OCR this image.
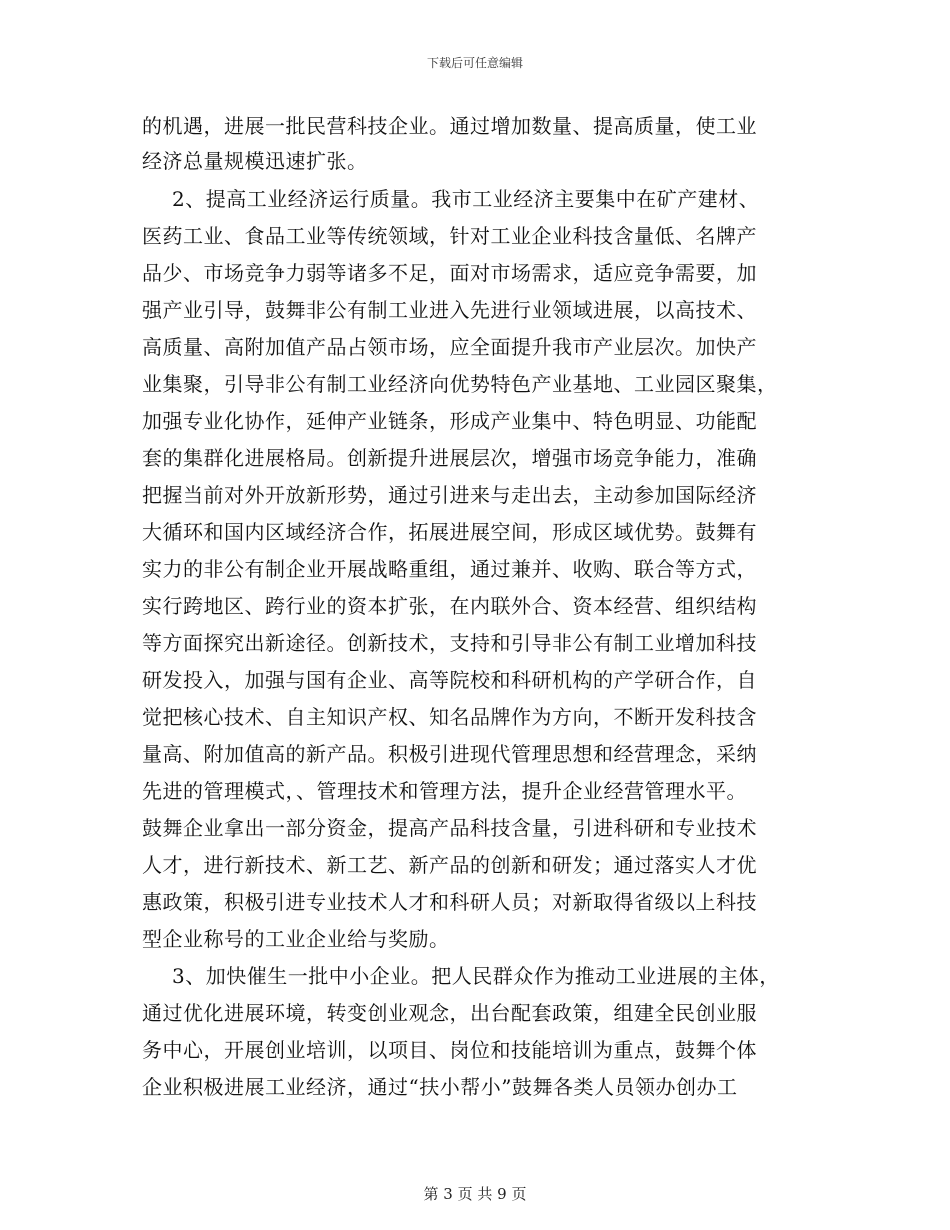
下载后可任意编辑
的机遇，进展一批民营科技企业。通过增加数量、提高质量，使工业
经济总量规模迅速扩张。
2、提高工业经济运行质量。我市工业经济主要集中在矿产建材、
医药工业、食品工业等传统领域，针对工业企业科技含量低、名牌产
品少、市场竞争力弱等诸多不足，面对市场需求，适应竞争需要，加
强产业引导，鼓舞非公有制工业进入先进行业领域进展，以高技术、
高质量、高附加值产品占领市场，应全面提升我市产业层次。加快产
业集聚，引导非公有制工业经济向优势特色产业基地、工业园区聚集，
加强专业化协作，延伸产业链条，形成产业集中、特色明显、功能配
套的集群化进展格局。创新提升进展层次，增强市场竞争能力，准确
把握当前对外开放新形势，通过引进来与走出去，主动参加国际经济
大循环和国内区域经济合作，拓展进展空间，形成区域优势。鼓舞有
实力的非公有制企业开展战略重组，通过兼并、收购、联合等方式，
实行跨地区、跨行业的资本扩张，在内联外合、资本经营、组织结构
等方面探究出新途径。创新技术，支持和引导非公有制工业增加科技
研发投入，加强与国有企业、高等院校和科研机构的产学研合作，自
觉把核心技术、自主知识产权、知名品牌作为方向，不断开发科技含
量高、附加值高的新产品。积极引进现代管理思想和经营理念，采纳
先进的管理模式，、管理技术和管理方法，提升企业经营管理水平。
鼓舞企业拿出一部分资金，提高产品科技含量，引进科研和专业技术
人才，进行新技术、新工艺、新产品的创新和研发；通过落实人才优
惠政策，积极引进专业技术人才和科研人员；对新取得省级以上科技
型企业称号的工业企业给与奖励。
3、加快催生一批中小企业。把人民群众作为推动工业进展的主体，
通过优化进展环境，转变创业观念，出台配套政策，组建全民创业服
务中心，开展创业培训，以项目、岗位和技能培训为重点，鼓舞个体
企业积极进展工业经济，通过“扶小帮小”鼓舞各类人员领办创办工
第 3 页 共 9 页
